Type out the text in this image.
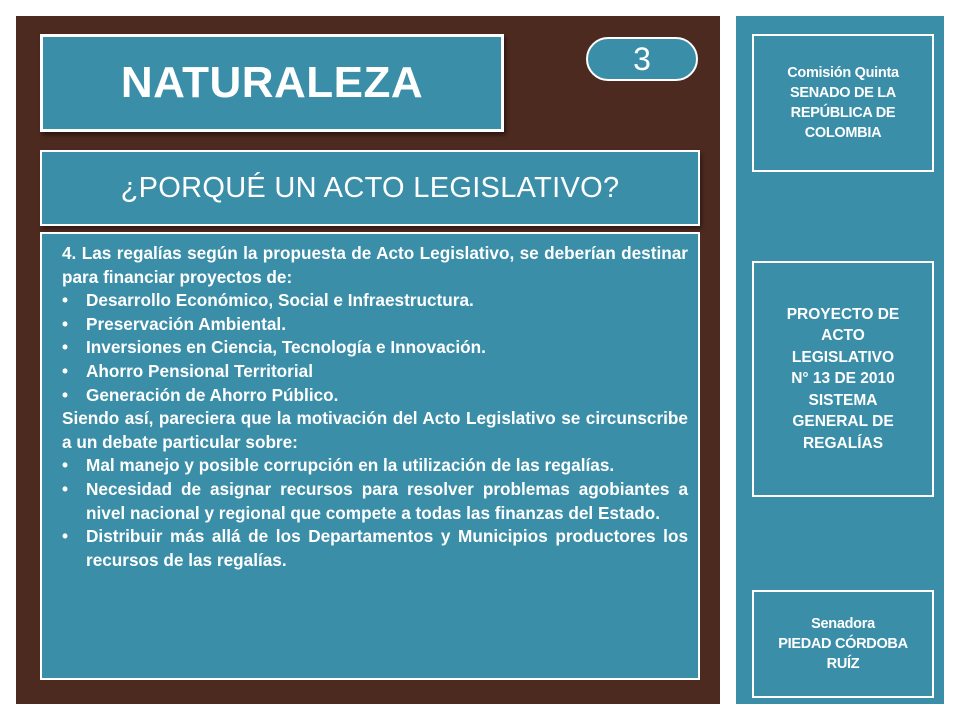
NATURALEZA	3
¿PORQUÉ UN ACTO LEGISLATIVO?

4. Las regalías según la propuesta de Acto Legislativo, se deberían destinar para financiar proyectos de:

• Desarrollo Económico, Social e Infraestructura.
• Preservación Ambiental.
• Inversiones en Ciencia, Tecnología e Innovación.
• Ahorro Pensional Territorial
• Generación de Ahorro Público.

Siendo así, pareciera que la motivación del Acto Legislativo se circunscribe a un debate particular sobre:

• Mal manejo y posible corrupción en la utilización de las regalías.
• Necesidad de asignar recursos para resolver problemas agobiantes a nivel nacional y regional que compete a todas las finanzas del Estado.
• Distribuir más allá de los Departamentos y Municipios productores los recursos de las regalías.
Comisión Quinta
SENADO DE LA
REPÚBLICA DE
COLOMBIA
PROYECTO DE
ACTO
LEGISLATIVO
N° 13 DE 2010
SISTEMA
GENERAL DE
REGALÍAS
Senadora
PIEDAD CÓRDOBA
RUÍZ
